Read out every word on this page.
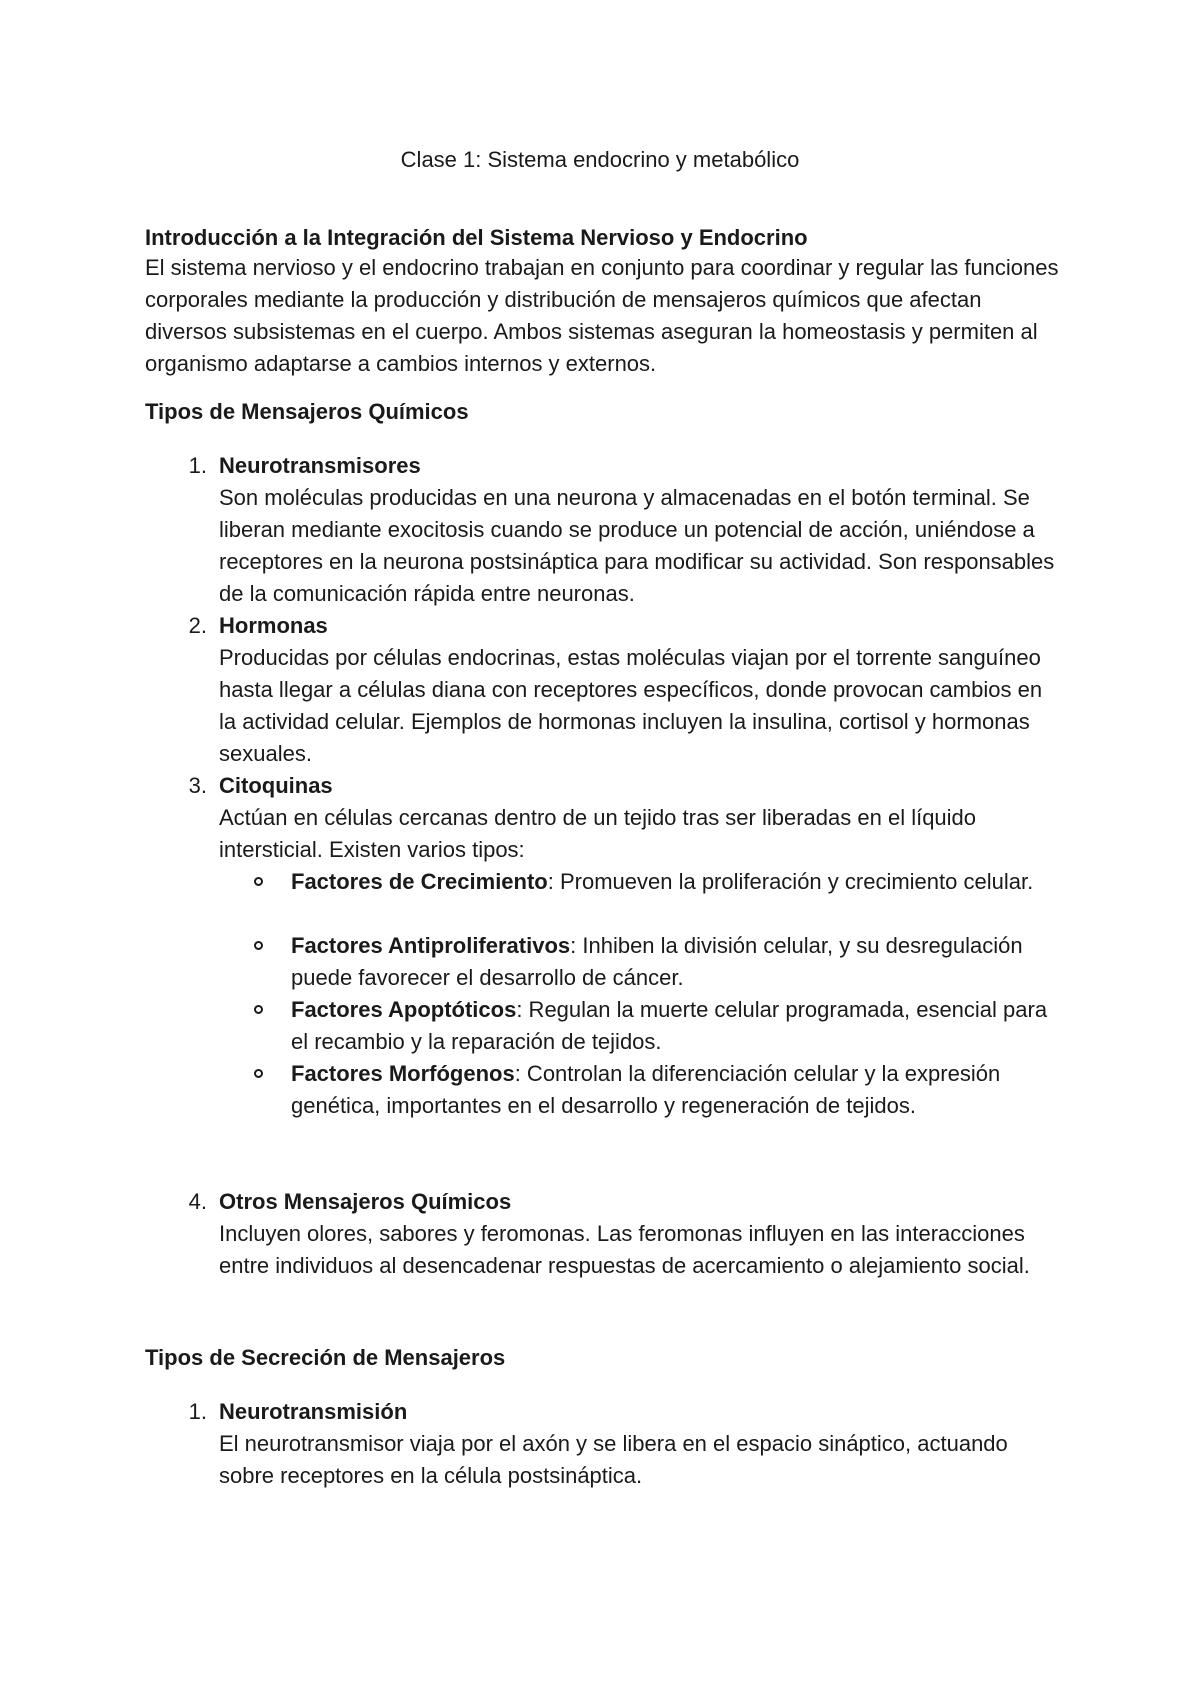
Clase 1: Sistema endocrino y metabólico

Introducción a la Integración del Sistema Nervioso y Endocrino

El sistema nervioso y el endocrino trabajan en conjunto para coordinar y regular las funciones corporales mediante la producción y distribución de mensajeros químicos que afectan diversos subsistemas en el cuerpo. Ambos sistemas aseguran la homeostasis y permiten al organismo adaptarse a cambios internos y externos.

Tipos de Mensajeros Químicos

1. Neurotransmisores
Son moléculas producidas en una neurona y almacenadas en el botón terminal. Se liberan mediante exocitosis cuando se produce un potencial de acción, uniéndose a receptores en la neurona postsináptica para modificar su actividad. Son responsables de la comunicación rápida entre neuronas.
2. Hormonas
Producidas por células endocrinas, estas moléculas viajan por el torrente sanguíneo hasta llegar a células diana con receptores específicos, donde provocan cambios en la actividad celular. Ejemplos de hormonas incluyen la insulina, cortisol y hormonas sexuales.
3. Citoquinas
Actúan en células cercanas dentro de un tejido tras ser liberadas en el líquido intersticial. Existen varios tipos:
Factores de Crecimiento: Promueven la proliferación y crecimiento celular.
Factores Antiproliferativos: Inhiben la división celular, y su desregulación puede favorecer el desarrollo de cáncer.
Factores Apoptóticos: Regulan la muerte celular programada, esencial para el recambio y la reparación de tejidos.
Factores Morfógenos: Controlan la diferenciación celular y la expresión genética, importantes en el desarrollo y regeneración de tejidos.
4. Otros Mensajeros Químicos
Incluyen olores, sabores y feromonas. Las feromonas influyen en las interacciones entre individuos al desencadenar respuestas de acercamiento o alejamiento social.

Tipos de Secreción de Mensajeros

1. Neurotransmisión
El neurotransmisor viaja por el axón y se libera en el espacio sináptico, actuando sobre receptores en la célula postsináptica.
